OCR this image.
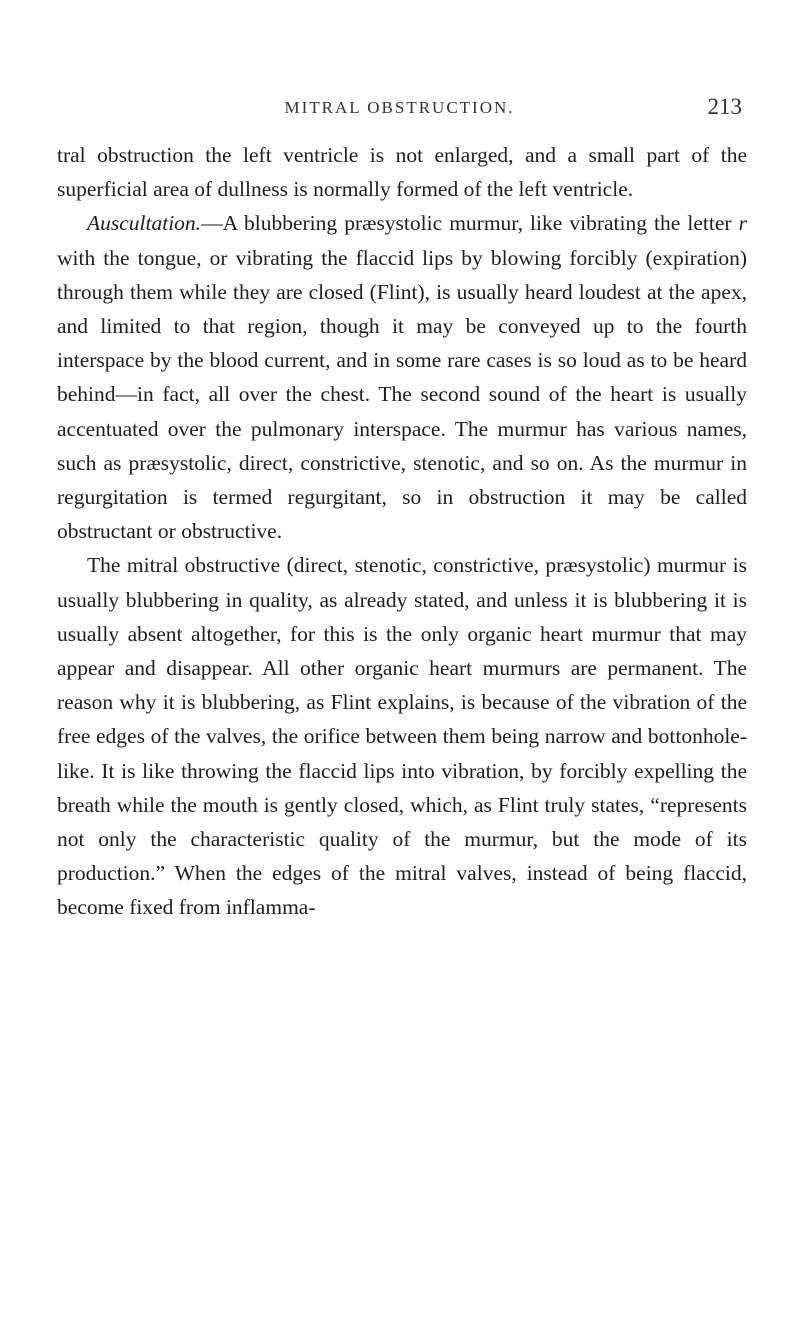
MITRAL OBSTRUCTION.	213

tral obstruction the left ventricle is not enlarged, and a small part of the superficial area of dullness is normally formed of the left ventricle.

Auscultation.—A blubbering præsystolic murmur, like vibrating the letter r with the tongue, or vibrating the flaccid lips by blowing forcibly (expiration) through them while they are closed (Flint), is usually heard loudest at the apex, and limited to that region, though it may be conveyed up to the fourth interspace by the blood current, and in some rare cases is so loud as to be heard behind—in fact, all over the chest. The second sound of the heart is usually accentuated over the pulmonary interspace. The murmur has various names, such as præsystolic, direct, constrictive, stenotic, and so on. As the murmur in regurgitation is termed regurgitant, so in obstruction it may be called obstructant or obstructive.

The mitral obstructive (direct, stenotic, constrictive, præsystolic) murmur is usually blubbering in quality, as already stated, and unless it is blubbering it is usually absent altogether, for this is the only organic heart murmur that may appear and disappear. All other organic heart murmurs are permanent. The reason why it is blubbering, as Flint explains, is because of the vibration of the free edges of the valves, the orifice between them being narrow and bottonhole-like. It is like throwing the flaccid lips into vibration, by forcibly expelling the breath while the mouth is gently closed, which, as Flint truly states, “represents not only the characteristic quality of the murmur, but the mode of its production.” When the edges of the mitral valves, instead of being flaccid, become fixed from inflamma-
